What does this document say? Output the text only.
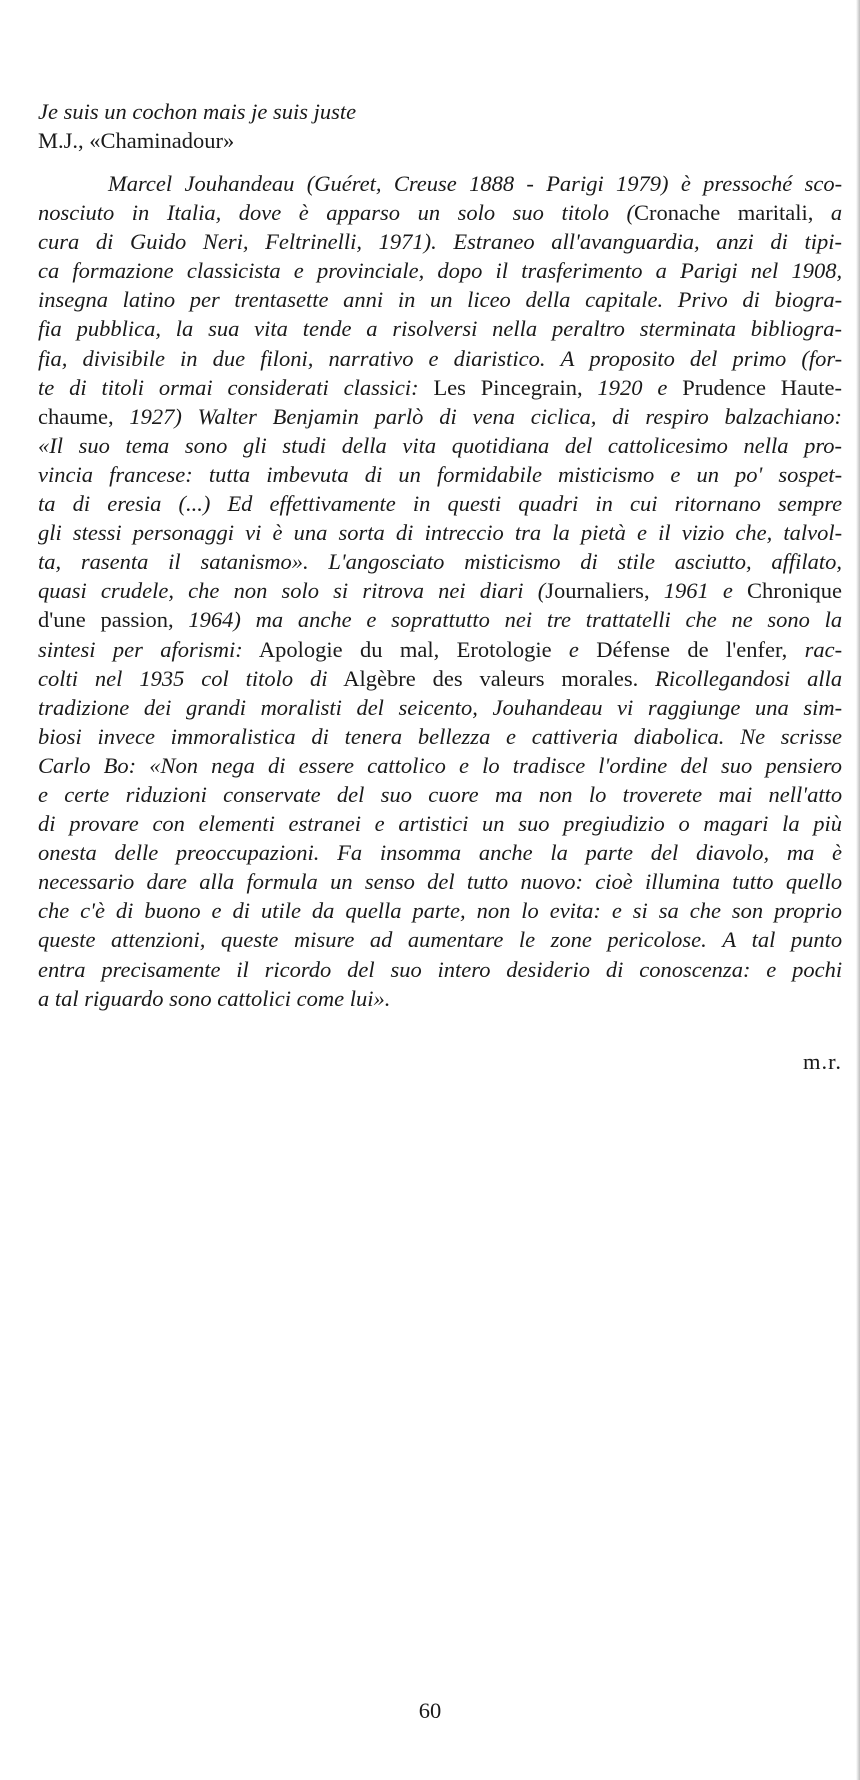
Je suis un cochon mais je suis juste
M.J., «Chaminadour»
Marcel Jouhandeau (Guéret, Creuse 1888 - Parigi 1979) è pressoché sco-
nosciuto in Italia, dove è apparso un solo suo titolo (Cronache maritali, a
cura di Guido Neri, Feltrinelli, 1971). Estraneo all'avanguardia, anzi di tipi-
ca formazione classicista e provinciale, dopo il trasferimento a Parigi nel 1908,
insegna latino per trentasette anni in un liceo della capitale. Privo di biogra-
fia pubblica, la sua vita tende a risolversi nella peraltro sterminata bibliogra-
fia, divisibile in due filoni, narrativo e diaristico. A proposito del primo (for-
te di titoli ormai considerati classici: Les Pincegrain, 1920 e Prudence Haute-
chaume, 1927) Walter Benjamin parlò di vena ciclica, di respiro balzachiano:
«Il suo tema sono gli studi della vita quotidiana del cattolicesimo nella pro-
vincia francese: tutta imbevuta di un formidabile misticismo e un po' sospet-
ta di eresia (...) Ed effettivamente in questi quadri in cui ritornano sempre
gli stessi personaggi vi è una sorta di intreccio tra la pietà e il vizio che, talvol-
ta, rasenta il satanismo». L'angosciato misticismo di stile asciutto, affilato,
quasi crudele, che non solo si ritrova nei diari (Journaliers, 1961 e Chronique
d'une passion, 1964) ma anche e soprattutto nei tre trattatelli che ne sono la
sintesi per aforismi: Apologie du mal, Erotologie e Défense de l'enfer, rac-
colti nel 1935 col titolo di Algèbre des valeurs morales. Ricollegandosi alla
tradizione dei grandi moralisti del seicento, Jouhandeau vi raggiunge una sim-
biosi invece immoralistica di tenera bellezza e cattiveria diabolica. Ne scrisse
Carlo Bo: «Non nega di essere cattolico e lo tradisce l'ordine del suo pensiero
e certe riduzioni conservate del suo cuore ma non lo troverete mai nell'atto
di provare con elementi estranei e artistici un suo pregiudizio o magari la più
onesta delle preoccupazioni. Fa insomma anche la parte del diavolo, ma è
necessario dare alla formula un senso del tutto nuovo: cioè illumina tutto quello
che c'è di buono e di utile da quella parte, non lo evita: e si sa che son proprio
queste attenzioni, queste misure ad aumentare le zone pericolose. A tal punto
entra precisamente il ricordo del suo intero desiderio di conoscenza: e pochi
a tal riguardo sono cattolici come lui».
m.r.
60
